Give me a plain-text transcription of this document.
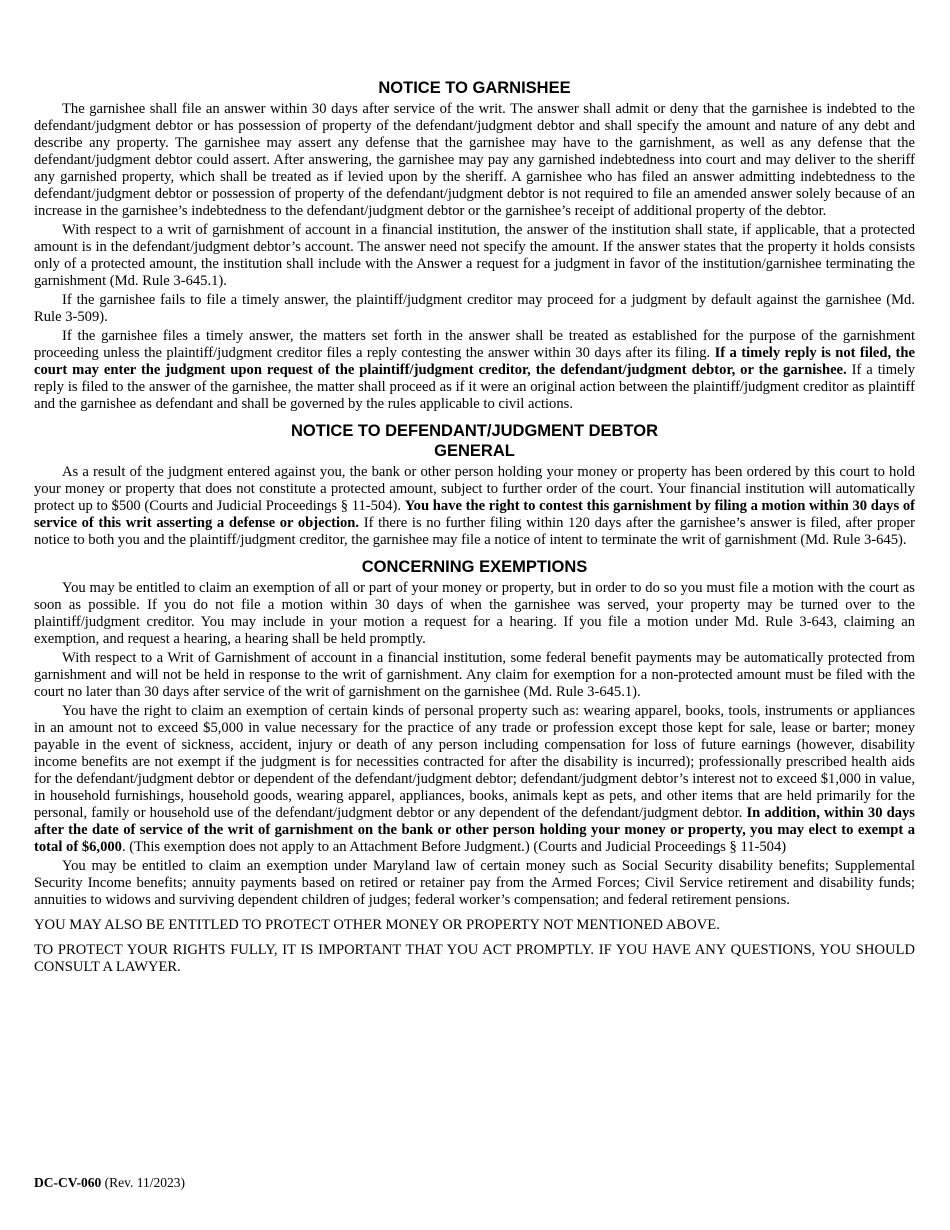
NOTICE TO GARNISHEE

The garnishee shall file an answer within 30 days after service of the writ. The answer shall admit or deny that the garnishee is indebted to the defendant/judgment debtor or has possession of property of the defendant/judgment debtor and shall specify the amount and nature of any debt and describe any property. The garnishee may assert any defense that the garnishee may have to the garnishment, as well as any defense that the defendant/judgment debtor could assert. After answering, the garnishee may pay any garnished indebtedness into court and may deliver to the sheriff any garnished property, which shall be treated as if levied upon by the sheriff. A garnishee who has filed an answer admitting indebtedness to the defendant/judgment debtor or possession of property of the defendant/judgment debtor is not required to file an amended answer solely because of an increase in the garnishee’s indebtedness to the defendant/judgment debtor or the garnishee’s receipt of additional property of the debtor.

With respect to a writ of garnishment of account in a financial institution, the answer of the institution shall state, if applicable, that a protected amount is in the defendant/judgment debtor’s account. The answer need not specify the amount. If the answer states that the property it holds consists only of a protected amount, the institution shall include with the Answer a request for a judgment in favor of the institution/garnishee terminating the garnishment (Md. Rule 3-645.1).

If the garnishee fails to file a timely answer, the plaintiff/judgment creditor may proceed for a judgment by default against the garnishee (Md. Rule 3-509).

If the garnishee files a timely answer, the matters set forth in the answer shall be treated as established for the purpose of the garnishment proceeding unless the plaintiff/judgment creditor files a reply contesting the answer within 30 days after its filing. If a timely reply is not filed, the court may enter the judgment upon request of the plaintiff/judgment creditor, the defendant/judgment debtor, or the garnishee. If a timely reply is filed to the answer of the garnishee, the matter shall proceed as if it were an original action between the plaintiff/judgment creditor as plaintiff and the garnishee as defendant and shall be governed by the rules applicable to civil actions.

NOTICE TO DEFENDANT/JUDGMENT DEBTOR
GENERAL

As a result of the judgment entered against you, the bank or other person holding your money or property has been ordered by this court to hold your money or property that does not constitute a protected amount, subject to further order of the court. Your financial institution will automatically protect up to $500 (Courts and Judicial Proceedings § 11-504). You have the right to contest this garnishment by filing a motion within 30 days of service of this writ asserting a defense or objection. If there is no further filing within 120 days after the garnishee’s answer is filed, after proper notice to both you and the plaintiff/judgment creditor, the garnishee may file a notice of intent to terminate the writ of garnishment (Md. Rule 3-645).

CONCERNING EXEMPTIONS

You may be entitled to claim an exemption of all or part of your money or property, but in order to do so you must file a motion with the court as soon as possible. If you do not file a motion within 30 days of when the garnishee was served, your property may be turned over to the plaintiff/judgment creditor. You may include in your motion a request for a hearing. If you file a motion under Md. Rule 3-643, claiming an exemption, and request a hearing, a hearing shall be held promptly.

With respect to a Writ of Garnishment of account in a financial institution, some federal benefit payments may be automatically protected from garnishment and will not be held in response to the writ of garnishment. Any claim for exemption for a non-protected amount must be filed with the court no later than 30 days after service of the writ of garnishment on the garnishee (Md. Rule 3-645.1).

You have the right to claim an exemption of certain kinds of personal property such as: wearing apparel, books, tools, instruments or appliances in an amount not to exceed $5,000 in value necessary for the practice of any trade or profession except those kept for sale, lease or barter; money payable in the event of sickness, accident, injury or death of any person including compensation for loss of future earnings (however, disability income benefits are not exempt if the judgment is for necessities contracted for after the disability is incurred); professionally prescribed health aids for the defendant/judgment debtor or dependent of the defendant/judgment debtor; defendant/judgment debtor’s interest not to exceed $1,000 in value, in household furnishings, household goods, wearing apparel, appliances, books, animals kept as pets, and other items that are held primarily for the personal, family or household use of the defendant/judgment debtor or any dependent of the defendant/judgment debtor. In addition, within 30 days after the date of service of the writ of garnishment on the bank or other person holding your money or property, you may elect to exempt a total of $6,000. (This exemption does not apply to an Attachment Before Judgment.) (Courts and Judicial Proceedings § 11-504)

You may be entitled to claim an exemption under Maryland law of certain money such as Social Security disability benefits; Supplemental Security Income benefits; annuity payments based on retired or retainer pay from the Armed Forces; Civil Service retirement and disability funds; annuities to widows and surviving dependent children of judges; federal worker’s compensation; and federal retirement pensions.

YOU MAY ALSO BE ENTITLED TO PROTECT OTHER MONEY OR PROPERTY NOT MENTIONED ABOVE.

TO PROTECT YOUR RIGHTS FULLY, IT IS IMPORTANT THAT YOU ACT PROMPTLY. IF YOU HAVE ANY QUESTIONS, YOU SHOULD CONSULT A LAWYER.

DC-CV-060 (Rev. 11/2023)
